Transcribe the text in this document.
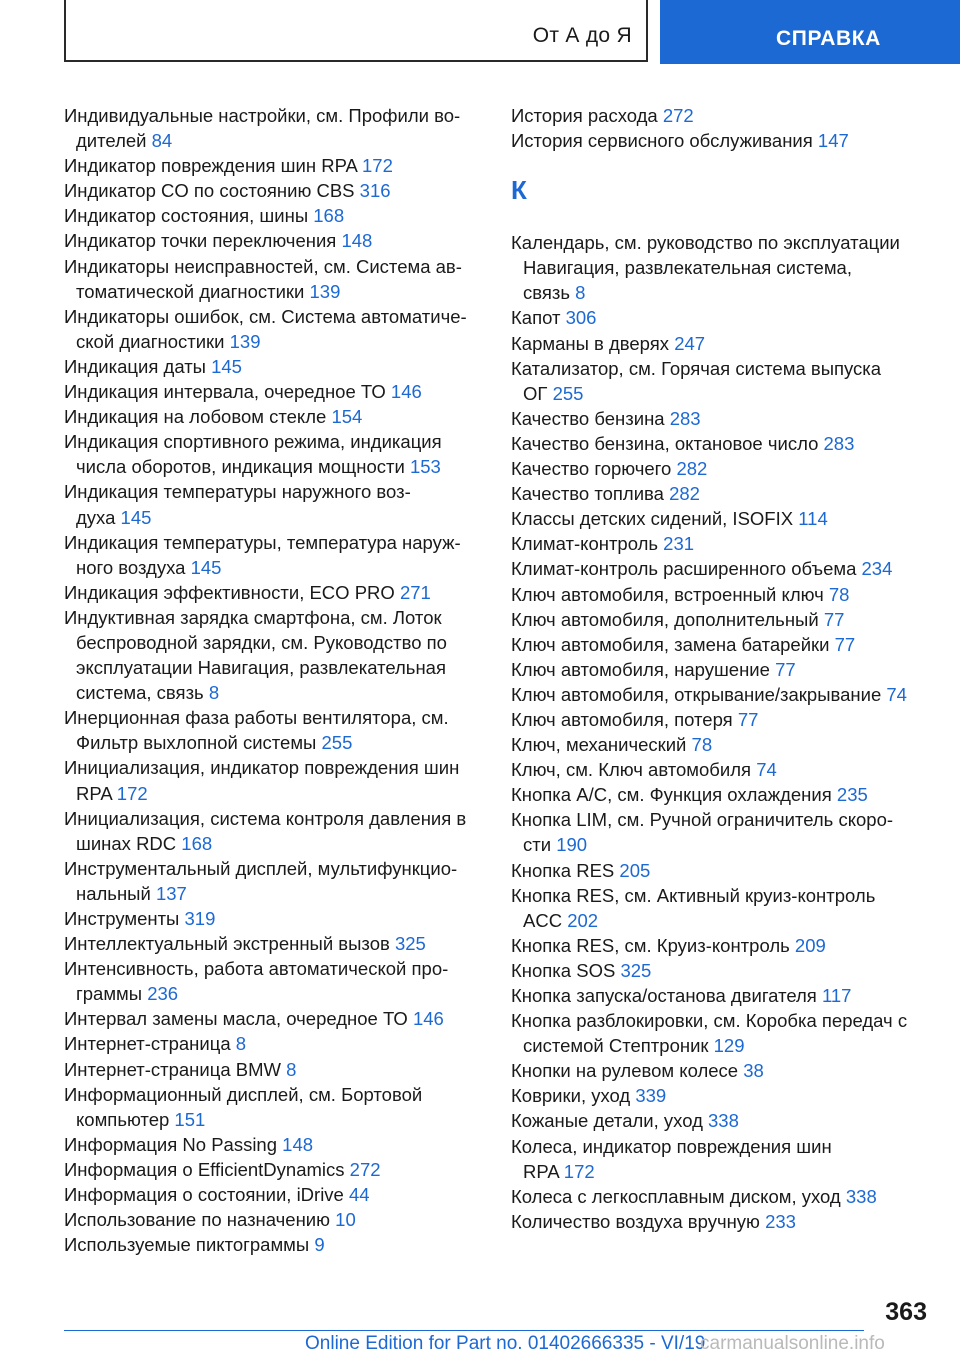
От А до Я	СПРАВКА
Индивидуальные настройки, см. Профили во-
дителей 84
Индикатор повреждения шин RPA 172
Индикатор CO по состоянию CBS 316
Индикатор состояния, шины 168
Индикатор точки переключения 148
Индикаторы неисправностей, см. Система ав-
томатической диагностики 139
Индикаторы ошибок, см. Система автоматиче-
ской диагностики 139
Индикация даты 145
Индикация интервала, очередное ТО 146
Индикация на лобовом стекле 154
Индикация спортивного режима, индикация
числа оборотов, индикация мощности 153
Индикация температуры наружного воз-
духа 145
Индикация температуры, температура наруж-
ного воздуха 145
Индикация эффективности, ECO PRO 271
Индуктивная зарядка смартфона, см. Лоток
беспроводной зарядки, см. Руководство по
эксплуатации Навигация, развлекательная
система, связь 8
Инерционная фаза работы вентилятора, см.
Фильтр выхлопной системы 255
Инициализация, индикатор повреждения шин
RPA 172
Инициализация, система контроля давления в
шинах RDC 168
Инструментальный дисплей, мультифункцио-
нальный 137
Инструменты 319
Интеллектуальный экстренный вызов 325
Интенсивность, работа автоматической про-
граммы 236
Интервал замены масла, очередное ТО 146
Интернет-страница 8
Интернет-страница BMW 8
Информационный дисплей, см. Бортовой
компьютер 151
Информация No Passing 148
Информация о EfficientDynamics 272
Информация о состоянии, iDrive 44
Использование по назначению 10
Используемые пиктограммы 9
История расхода 272
История сервисного обслуживания 147
К
Календарь, см. руководство по эксплуатации
Навигация, развлекательная система,
связь 8
Капот 306
Карманы в дверях 247
Катализатор, см. Горячая система выпуска
ОГ 255
Качество бензина 283
Качество бензина, октановое число 283
Качество горючего 282
Качество топлива 282
Классы детских сидений, ISOFIX 114
Климат-контроль 231
Климат-контроль расширенного объема 234
Ключ автомобиля, встроенный ключ 78
Ключ автомобиля, дополнительный 77
Ключ автомобиля, замена батарейки 77
Ключ автомобиля, нарушение 77
Ключ автомобиля, открывание/закрывание 74
Ключ автомобиля, потеря 77
Ключ, механический 78
Ключ, см. Ключ автомобиля 74
Кнопка A/C, см. Функция охлаждения 235
Кнопка LIM, см. Ручной ограничитель скоро-
сти 190
Кнопка RES 205
Кнопка RES, см. Активный круиз-контроль
ACC 202
Кнопка RES, см. Круиз-контроль 209
Кнопка SOS 325
Кнопка запуска/останова двигателя 117
Кнопка разблокировки, см. Коробка передач с
системой Стептроник 129
Кнопки на рулевом колесе 38
Коврики, уход 339
Кожаные детали, уход 338
Колеса, индикатор повреждения шин
RPA 172
Колеса с легкосплавным диском, уход 338
Количество воздуха вручную 233
363
Online Edition for Part no. 01402666335 - VI/19
carmanualsonline.info
